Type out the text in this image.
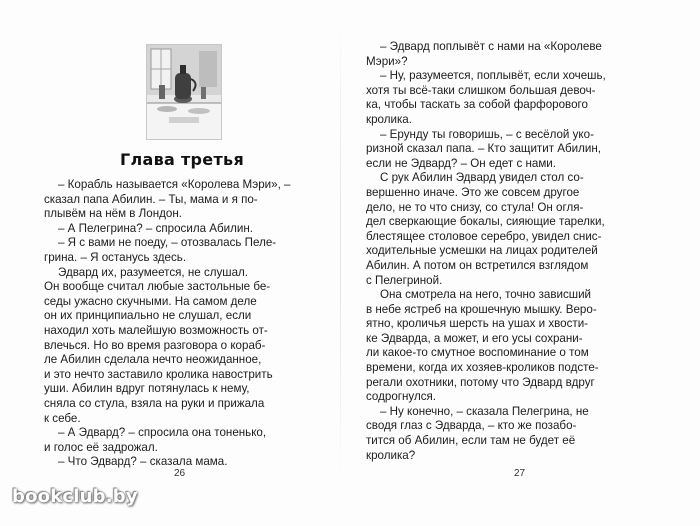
Глава третья
– Корабль называется «Королева Мэри», –
сказал папа Абилин. – Ты, мама и я по-
плывём на нём в Лондон.
– А Пелегрина? – спросила Абилин.
– Я с вами не поеду, – отозвалась Пеле-
грина. – Я останусь здесь.
Эдвард их, разумеется, не слушал.
Он вообще считал любые застольные бе-
седы ужасно скучными. На самом деле
он их принципиально не слушал, если
находил хоть малейшую возможность от-
влечься. Но во время разговора о кораб-
ле Абилин сделала нечто неожиданное,
и это нечто заставило кролика навострить
уши. Абилин вдруг потянулась к нему,
сняла со стула, взяла на руки и прижала
к себе.
– А Эдвард? – спросила она тоненько,
и голос её задрожал.
– Что Эдвард? – сказала мама.
26
– Эдвард поплывёт с нами на «Королеве
Мэри»?
– Ну, разумеется, поплывёт, если хочешь,
хотя ты всё-таки слишком большая девоч-
ка, чтобы таскать за собой фарфорового
кролика.
– Ерунду ты говоришь, – с весёлой уко-
ризной сказал папа. – Кто защитит Абилин,
если не Эдвард? – Он едет с нами.
С рук Абилин Эдвард увидел стол со-
вершенно иначе. Это же совсем другое
дело, не то что снизу, со стула! Он огля-
дел сверкающие бокалы, сияющие тарелки,
блестящее столовое серебро, увидел снис-
ходительные усмешки на лицах родителей
Абилин. А потом он встретился взглядом
с Пелегриной.
Она смотрела на него, точно зависший
в небе ястреб на крошечную мышку. Веро-
ятно, кроличья шерсть на ушах и хвости-
ке Эдварда, а может, и его усы сохрани-
ли какое-то смутное воспоминание о том
времени, когда их хозяев-кроликов подсте-
регали охотники, потому что Эдвард вдруг
содрогнулся.
– Ну конечно, – сказала Пелегрина, не
сводя глаз с Эдварда, – кто же позабо-
тится об Абилин, если там не будет её
кролика?
27
bookclub.by
